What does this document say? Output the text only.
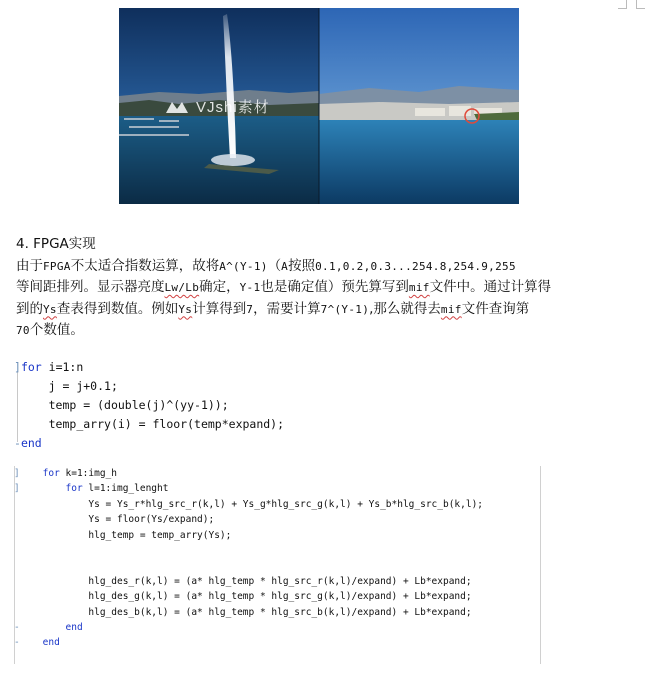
VJshi素材

4. FPGA实现

由于FPGA不太适合指数运算，故将A^(Y-1)（A按照0.1,0.2,0.3...254.8,254.9,255

等间距排列。显示器亮度Lw/Lb确定，Y-1也是确定值）预先算写到mif文件中。通过计算得

到的Ys查表得到数值。例如Ys计算得到7，需要计算7^(Y-1),那么就得去mif文件查询第

70个数值。

]for i=1:n
j = j+0.1;
temp = (double(j)^(yy-1));
temp_arry(i) = floor(temp*expand);
-end
] for k=1:img_h
]	for l=1:img_lenght
Ys = Ys_r*hlg_src_r(k,l) + Ys_g*hlg_src_g(k,l) + Ys_b*hlg_src_b(k,l);
Ys = floor(Ys/expand);
hlg_temp = temp_arry(Ys);

hlg_des_r(k,l) = (a* hlg_temp * hlg_src_r(k,l)/expand) + Lb*expand;
hlg_des_g(k,l) = (a* hlg_temp * hlg_src_g(k,l)/expand) + Lb*expand;
hlg_des_b(k,l) = (a* hlg_temp * hlg_src_b(k,l)/expand) + Lb*expand;
-	end
- end
